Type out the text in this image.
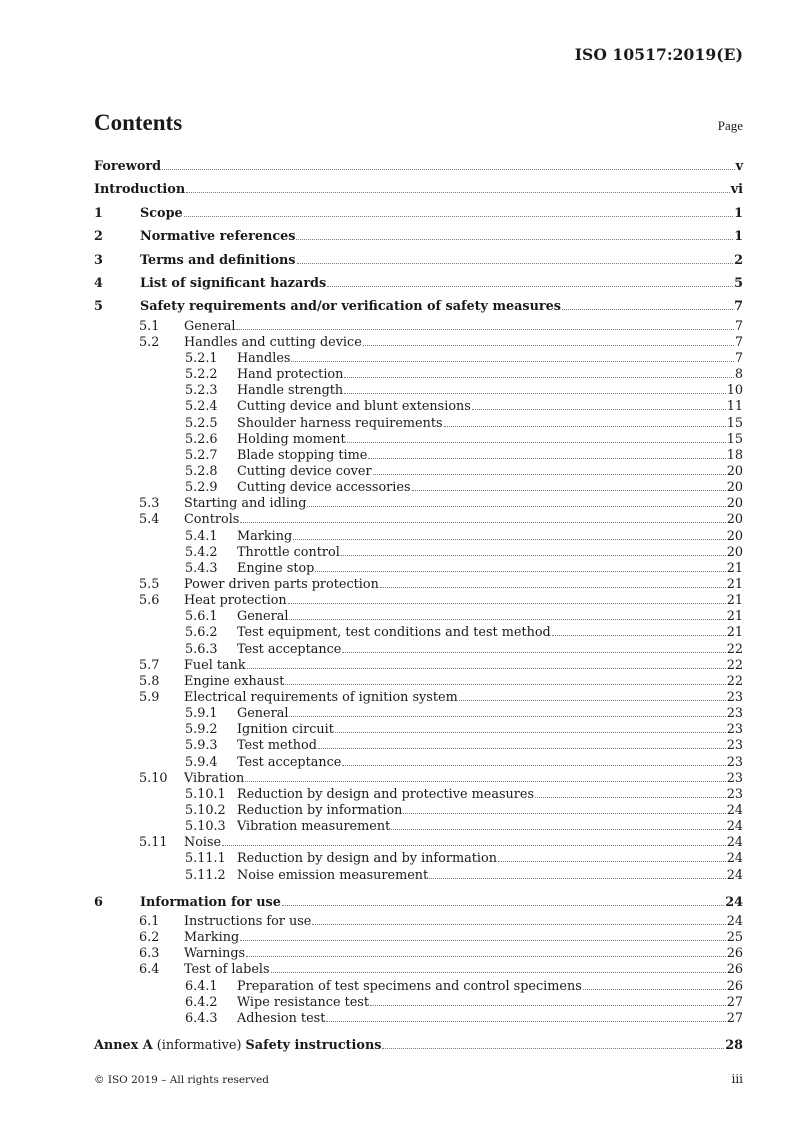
ISO 10517:2019(E)
Contents	Page
Foreword	v
Introduction	vi
1	Scope	1
2	Normative references	1
3	Terms and definitions	2
4	List of significant hazards	5
5	Safety requirements and/or verification of safety measures	7
5.1	General	7
5.2	Handles and cutting device	7
5.2.1	Handles	7
5.2.2	Hand protection	8
5.2.3	Handle strength	10
5.2.4	Cutting device and blunt extensions	11
5.2.5	Shoulder harness requirements	15
5.2.6	Holding moment	15
5.2.7	Blade stopping time	18
5.2.8	Cutting device cover	20
5.2.9	Cutting device accessories	20
5.3	Starting and idling	20
5.4	Controls	20
5.4.1	Marking	20
5.4.2	Throttle control	20
5.4.3	Engine stop	21
5.5	Power driven parts protection	21
5.6	Heat protection	21
5.6.1	General	21
5.6.2	Test equipment, test conditions and test method	21
5.6.3	Test acceptance	22
5.7	Fuel tank	22
5.8	Engine exhaust	22
5.9	Electrical requirements of ignition system	23
5.9.1	General	23
5.9.2	Ignition circuit	23
5.9.3	Test method	23
5.9.4	Test acceptance	23
5.10	Vibration	23
5.10.1 Reduction by design and protective measures	23
5.10.2 Reduction by information	24
5.10.3 Vibration measurement	24
5.11	Noise	24
5.11.1 Reduction by design and by information	24
5.11.2 Noise emission measurement	24
6	Information for use	24
6.1	Instructions for use	24
6.2	Marking	25
6.3	Warnings	26
6.4	Test of labels	26
6.4.1	Preparation of test specimens and control specimens	26
6.4.2	Wipe resistance test	27
6.4.3	Adhesion test	27
Annex A (informative) Safety instructions	28
© ISO 2019 – All rights reserved	iii
